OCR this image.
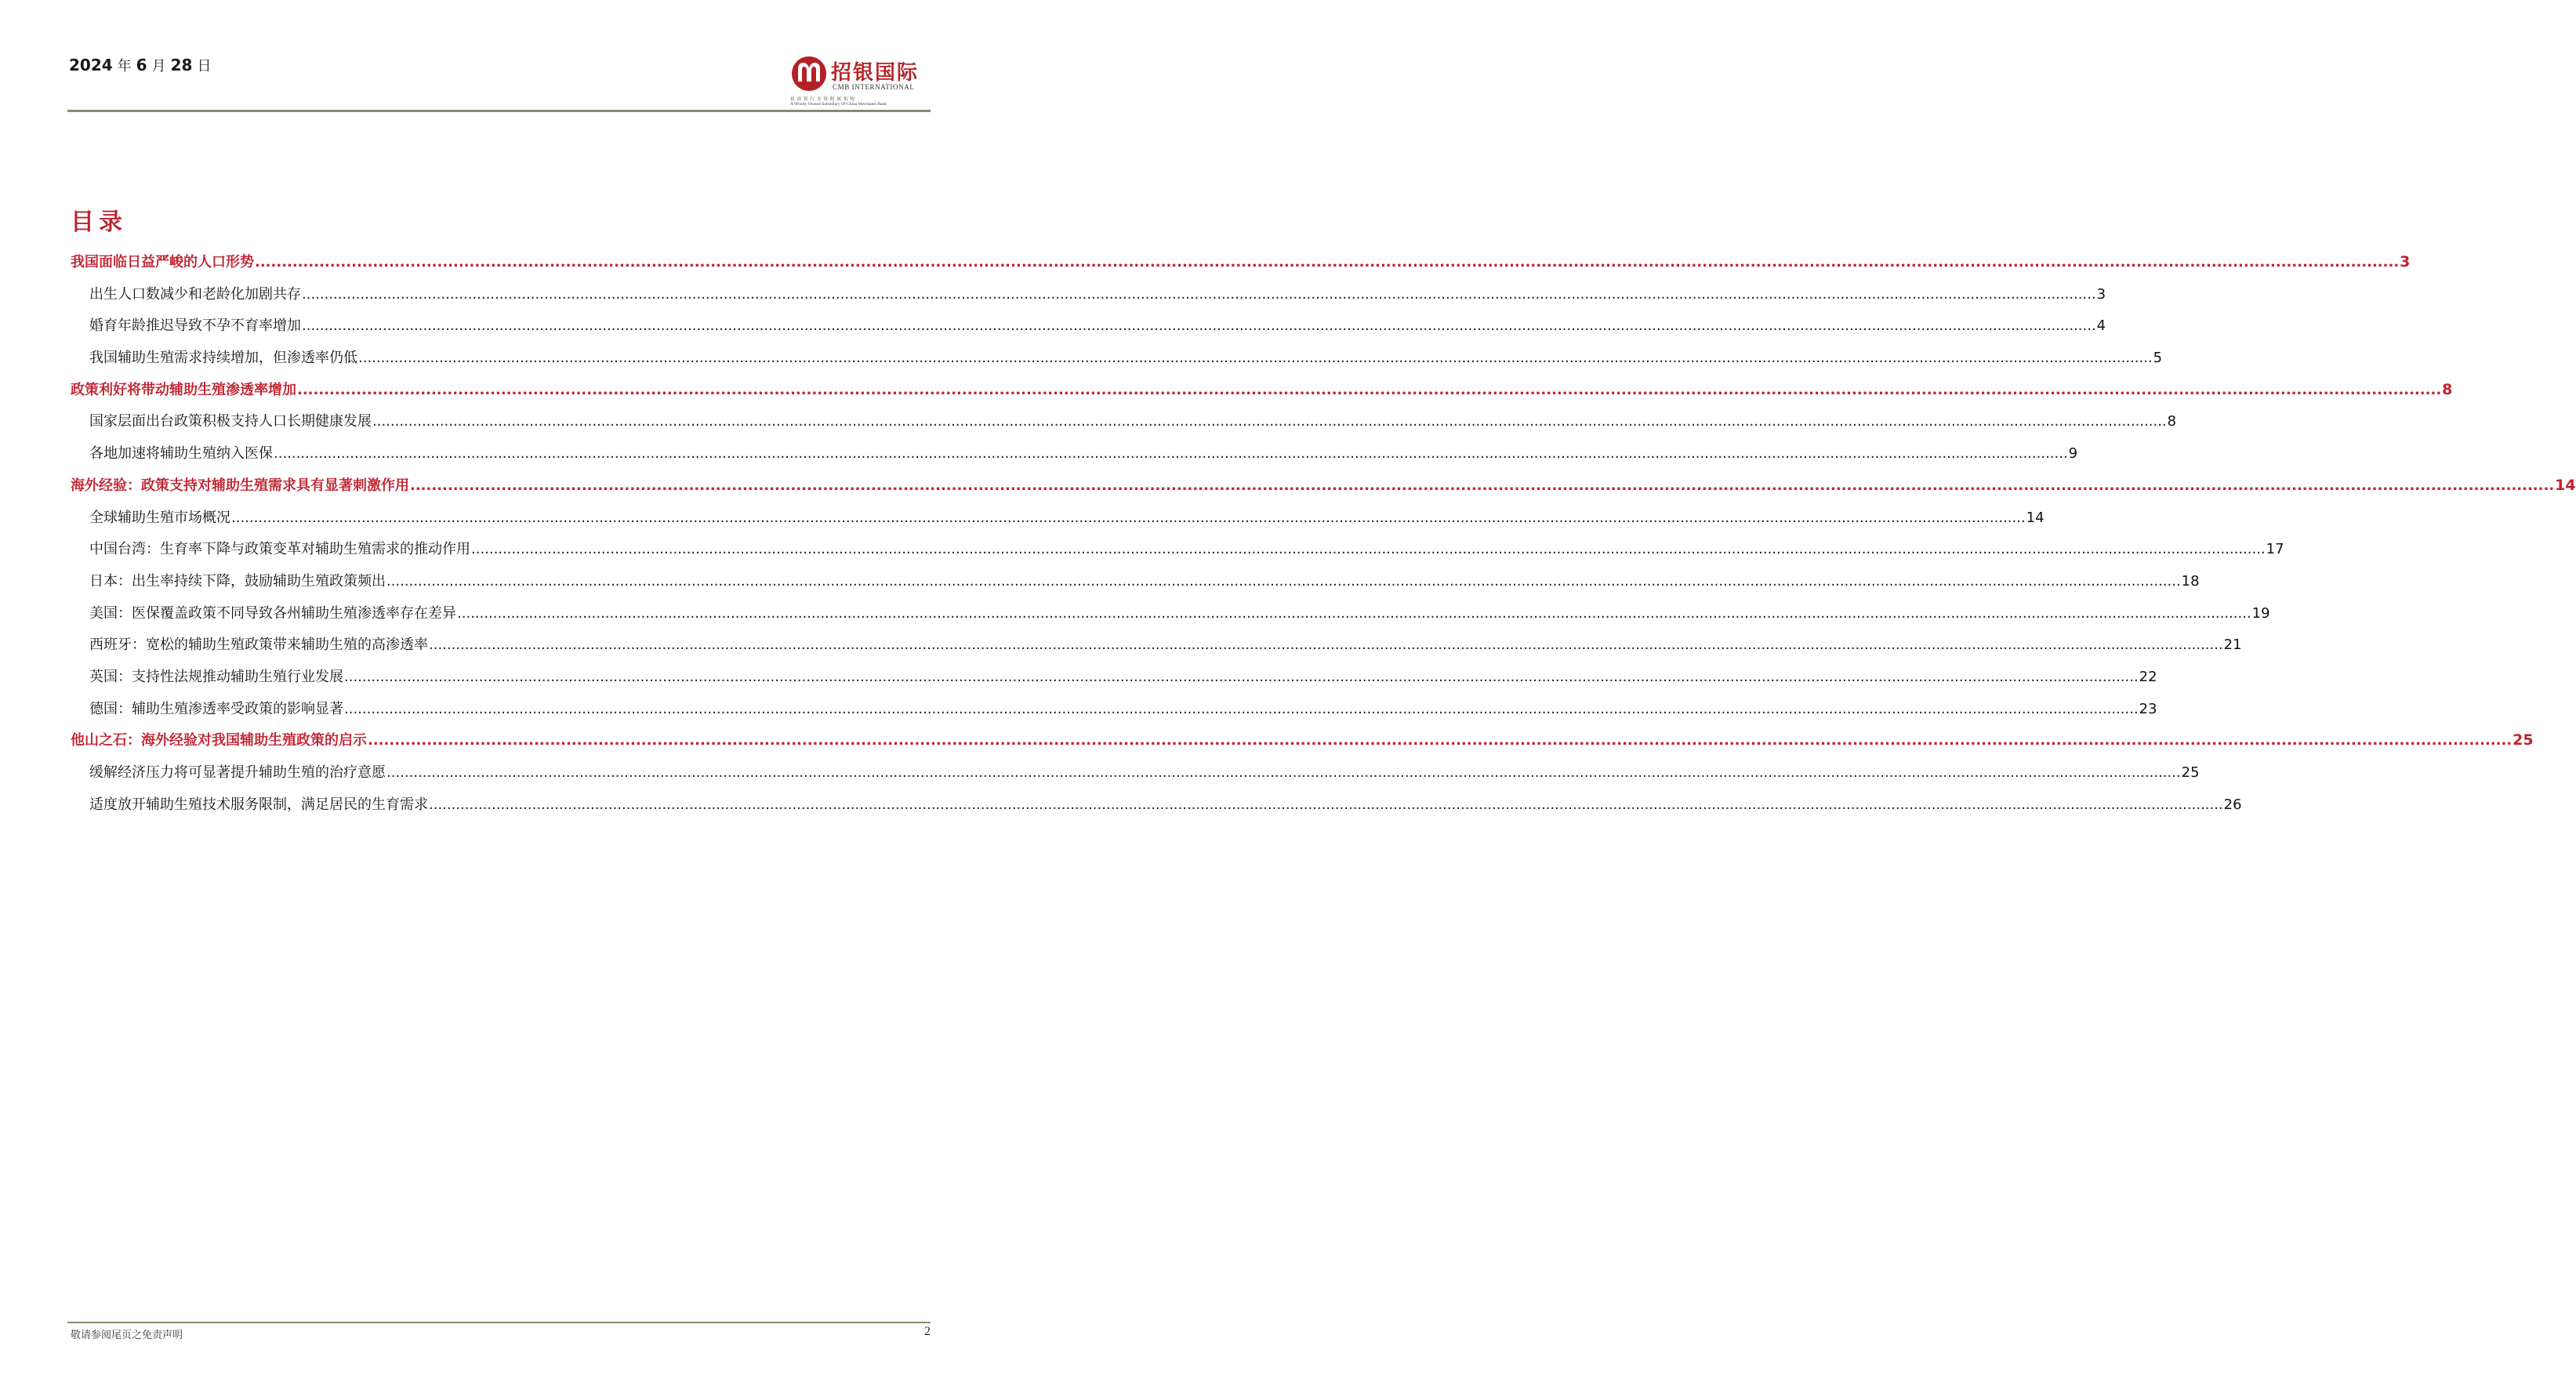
2024 年 6 月 28 日	招银国际
CMB INTERNATIONAL
招商银行全资附属机构
A Wholly Owned Subsidiary Of China Merchants Bank
目录
我国面临日益严峻的人口形势 ................................................................................................................................................................................................................................................................................................................................................................................................................ 3
出生人口数减少和老龄化加剧共存 ................................................................................................................................................................................................................................................................................................................................................................................................................ 3
婚育年龄推迟导致不孕不育率增加 ................................................................................................................................................................................................................................................................................................................................................................................................................ 4
我国辅助生殖需求持续增加，但渗透率仍低 ................................................................................................................................................................................................................................................................................................................................................................................................................ 5
政策利好将带动辅助生殖渗透率增加 ................................................................................................................................................................................................................................................................................................................................................................................................................ 8
国家层面出台政策积极支持人口长期健康发展 ................................................................................................................................................................................................................................................................................................................................................................................................................ 8
各地加速将辅助生殖纳入医保 ................................................................................................................................................................................................................................................................................................................................................................................................................ 9
海外经验：政策支持对辅助生殖需求具有显著刺激作用 ................................................................................................................................................................................................................................................................................................................................................................................................................ 14
全球辅助生殖市场概况 ................................................................................................................................................................................................................................................................................................................................................................................................................ 14
中国台湾：生育率下降与政策变革对辅助生殖需求的推动作用 ................................................................................................................................................................................................................................................................................................................................................................................................................ 17
日本：出生率持续下降，鼓励辅助生殖政策频出 ................................................................................................................................................................................................................................................................................................................................................................................................................ 18
美国：医保覆盖政策不同导致各州辅助生殖渗透率存在差异 ................................................................................................................................................................................................................................................................................................................................................................................................................ 19
西班牙：宽松的辅助生殖政策带来辅助生殖的高渗透率 ................................................................................................................................................................................................................................................................................................................................................................................................................ 21
英国：支持性法规推动辅助生殖行业发展 ................................................................................................................................................................................................................................................................................................................................................................................................................ 22
德国：辅助生殖渗透率受政策的影响显著 ................................................................................................................................................................................................................................................................................................................................................................................................................ 23
他山之石：海外经验对我国辅助生殖政策的启示 ................................................................................................................................................................................................................................................................................................................................................................................................................ 25
缓解经济压力将可显著提升辅助生殖的治疗意愿 ................................................................................................................................................................................................................................................................................................................................................................................................................ 25
适度放开辅助生殖技术服务限制，满足居民的生育需求 ................................................................................................................................................................................................................................................................................................................................................................................................................ 26
敬请参阅尾页之免责声明	2
